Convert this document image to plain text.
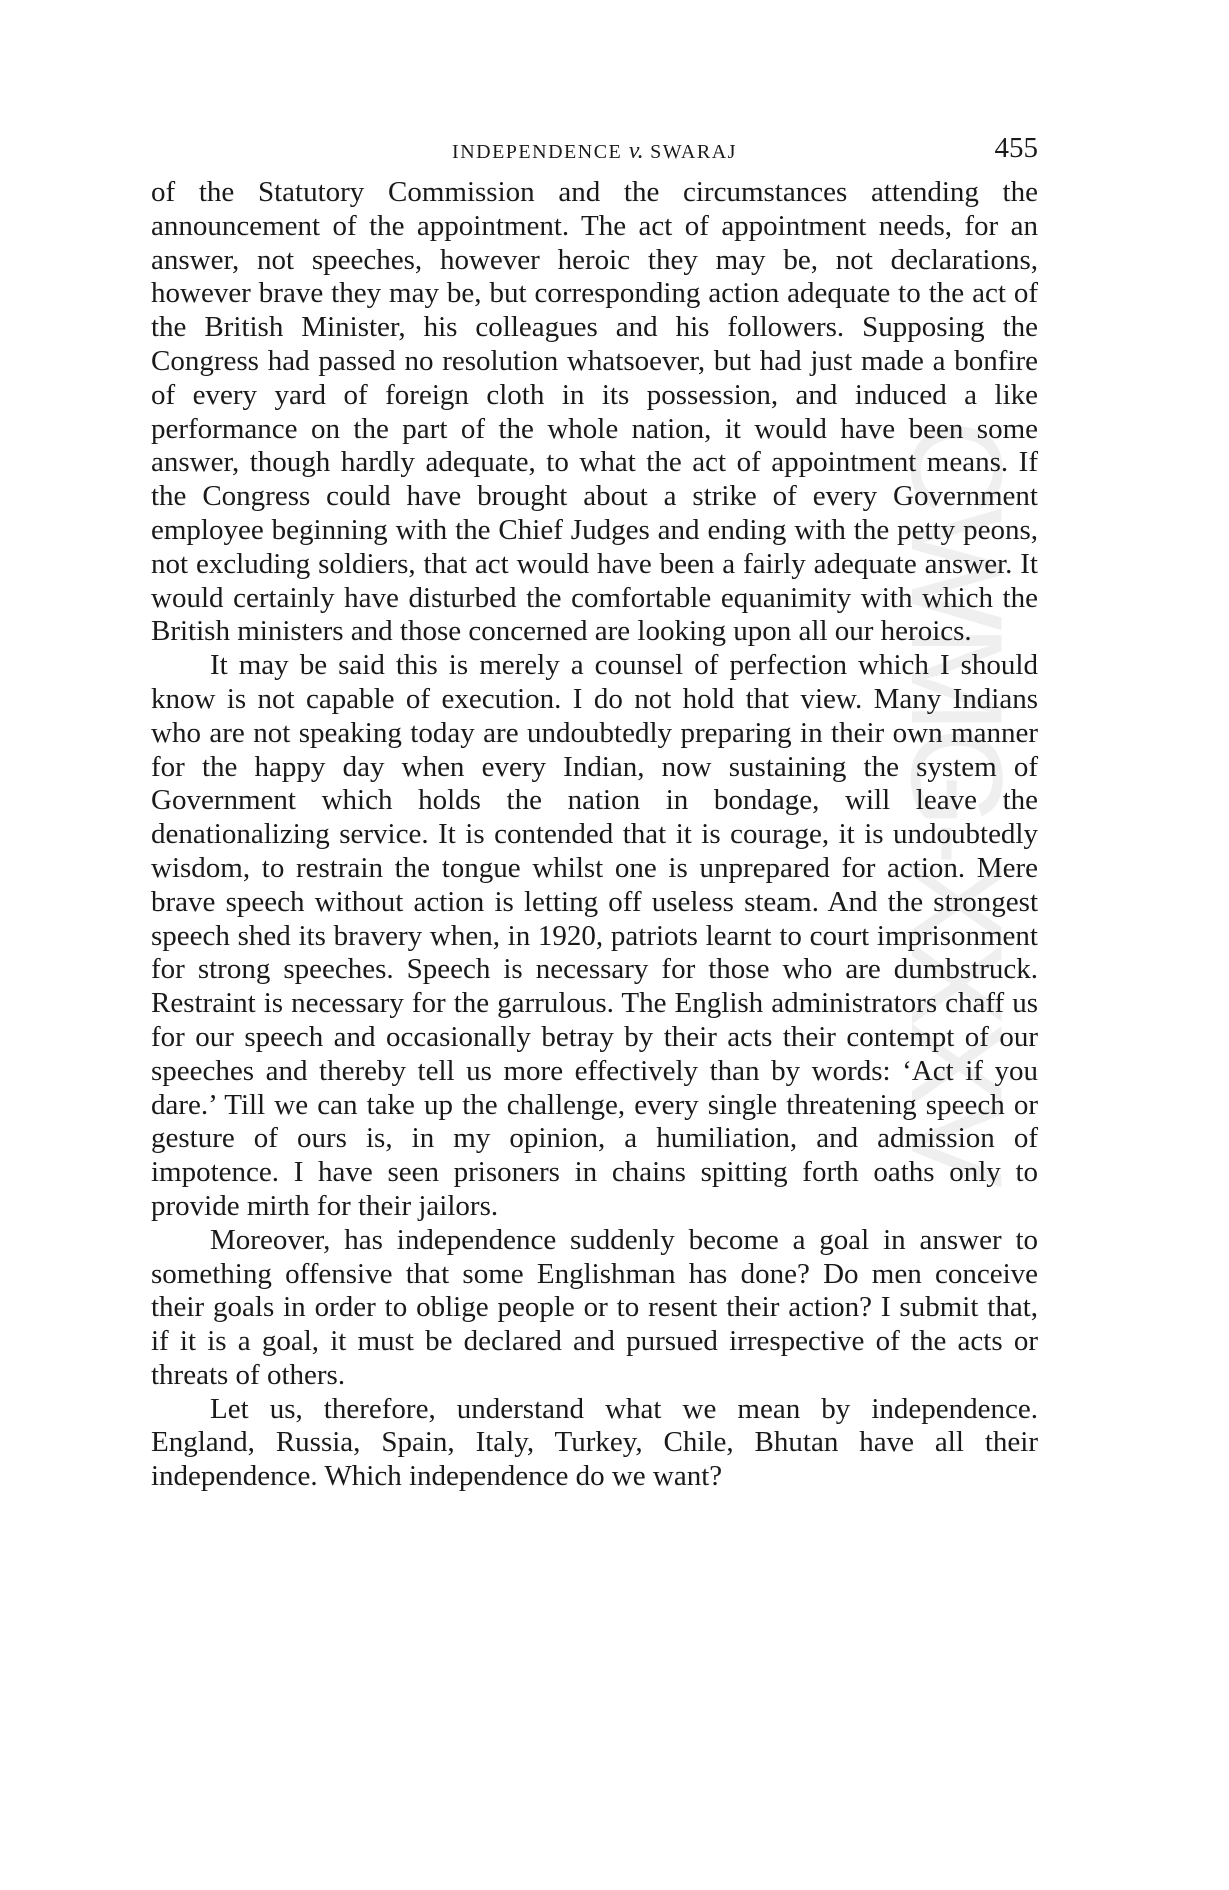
CWMG-XXXV
INDEPENDENCE v. SWARAJ	455

of the Statutory Commission and the circumstances attending the announcement of the appointment. The act of appointment needs, for an answer, not speeches, however heroic they may be, not declarations, however brave they may be, but corresponding action adequate to the act of the British Minister, his colleagues and his followers. Supposing the Congress had passed no resolution whatsoever, but had just made a bonfire of every yard of foreign cloth in its possession, and induced a like performance on the part of the whole nation, it would have been some answer, though hardly adequate, to what the act of appointment means. If the Congress could have brought about a strike of every Government employee beginning with the Chief Judges and ending with the petty peons, not excluding soldiers, that act would have been a fairly adequate answer. It would certainly have disturbed the comfortable equanimity with which the British ministers and those concerned are looking upon all our heroics.

It may be said this is merely a counsel of perfection which I should know is not capable of execution. I do not hold that view. Many Indians who are not speaking today are undoubtedly preparing in their own manner for the happy day when every Indian, now sustaining the system of Government which holds the nation in bondage, will leave the denationalizing service. It is contended that it is courage, it is undoubtedly wisdom, to restrain the tongue whilst one is unprepared for action. Mere brave speech without action is letting off useless steam. And the strongest speech shed its bravery when, in 1920, patriots learnt to court imprisonment for strong speeches. Speech is necessary for those who are dumbstruck. Restraint is necessary for the garrulous. The English administrators chaff us for our speech and occasionally betray by their acts their contempt of our speeches and thereby tell us more effectively than by words: ‘Act if you dare.’ Till we can take up the challenge, every single threatening speech or gesture of ours is, in my opinion, a humiliation, and admission of impotence. I have seen prisoners in chains spitting forth oaths only to provide mirth for their jailors.

Moreover, has independence suddenly become a goal in answer to something offensive that some Englishman has done? Do men conceive their goals in order to oblige people or to resent their action? I submit that, if it is a goal, it must be declared and pursued irrespective of the acts or threats of others.

Let us, therefore, understand what we mean by independence. England, Russia, Spain, Italy, Turkey, Chile, Bhutan have all their independence. Which independence do we want?
